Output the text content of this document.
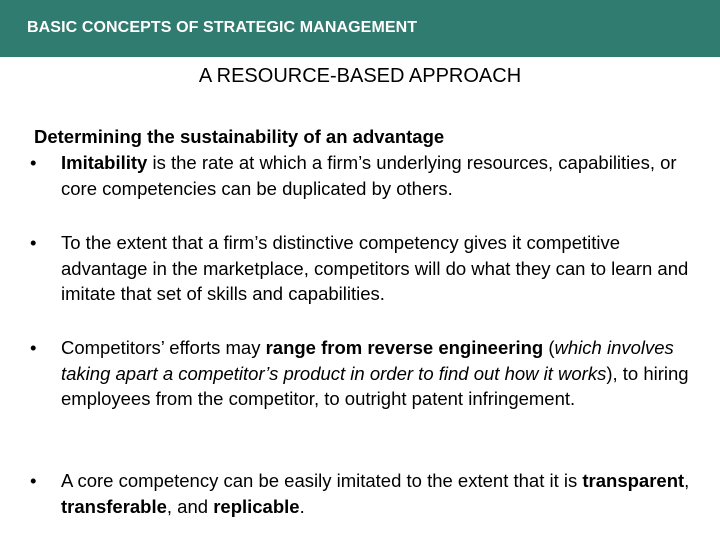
BASIC CONCEPTS OF STRATEGIC MANAGEMENT
A RESOURCE-BASED APPROACH
Determining the sustainability of an advantage
•	Imitability is the rate at which a firm’s underlying resources, capabilities, or core competencies can be duplicated by others.
•	To the extent that a firm’s distinctive competency gives it competitive advantage in the marketplace, competitors will do what they can to learn and imitate that set of skills and capabilities.
•	Competitors’ efforts may range from reverse engineering (which involves taking apart a competitor’s product in order to find out how it works), to hiring employees from the competitor, to outright patent infringement.
•	A core competency can be easily imitated to the extent that it is transparent, transferable, and replicable.
